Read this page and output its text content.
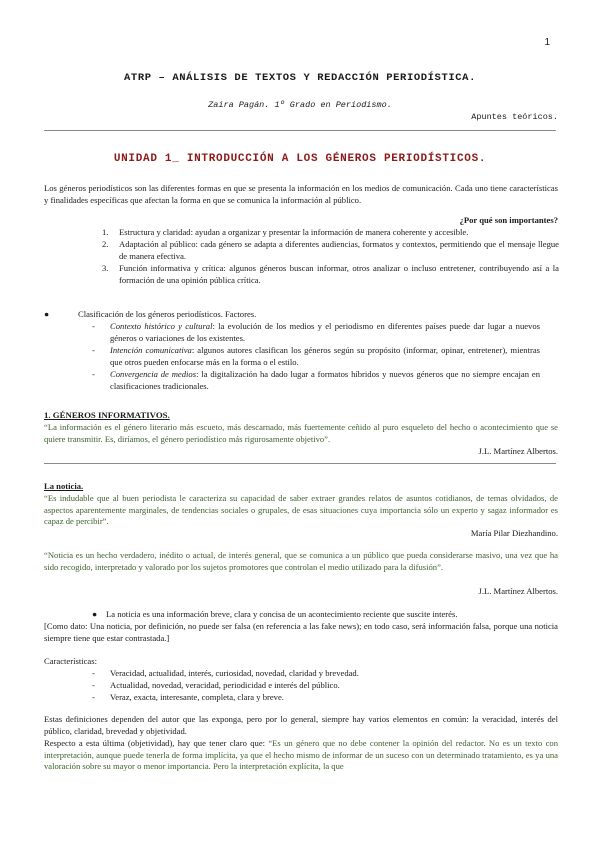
1
ATRP – ANÁLISIS DE TEXTOS Y REDACCIÓN PERIODÍSTICA.
Zaira Pagán. 1º Grado en Periodismo.
Apuntes teóricos.
UNIDAD 1_ INTRODUCCIÓN A LOS GÉNEROS PERIODÍSTICOS.
Los géneros periodísticos son las diferentes formas en que se presenta la información en los medios de comunicación. Cada uno tiene características y finalidades específicas que afectan la forma en que se comunica la información al público.
¿Por qué son importantes?
1. Estructura y claridad: ayudan a organizar y presentar la información de manera coherente y accesible.
2. Adaptación al público: cada género se adapta a diferentes audiencias, formatos y contextos, permitiendo que el mensaje llegue de manera efectiva.
3. Función informativa y crítica: algunos géneros buscan informar, otros analizar o incluso entretener, contribuyendo así a la formación de una opinión pública crítica.
●	Clasificación de los géneros periodísticos. Factores.
- Contexto histórico y cultural: la evolución de los medios y el periodismo en diferentes países puede dar lugar a nuevos géneros o variaciones de los existentes.
- Intención comunicativa: algunos autores clasifican los géneros según su propósito (informar, opinar, entretener), mientras que otros pueden enfocarse más en la forma o el estilo.
- Convergencia de medios: la digitalización ha dado lugar a formatos híbridos y nuevos géneros que no siempre encajan en clasificaciones tradicionales.
1. GÉNEROS INFORMATIVOS.
“La información es el género literario más escueto, más descarnado, más fuertemente ceñido al puro esqueleto del hecho o acontecimiento que se quiere transmitir. Es, diríamos, el género periodístico más rigurosamente objetivo”.
J.L. Martínez Albertos.
La noticia.
“Es indudable que al buen periodista le caracteriza su capacidad de saber extraer grandes relatos de asuntos cotidianos, de temas olvidados, de aspectos aparentemente marginales, de tendencias sociales o grupales, de esas situaciones cuya importancia sólo un experto y sagaz informador es capaz de percibir”.
María Pilar Diezhandino.
“Noticia es un hecho verdadero, inédito o actual, de interés general, que se comunica a un público que pueda considerarse masivo, una vez que ha sido recogido, interpretado y valorado por los sujetos promotores que controlan el medio utilizado para la difusión”.
J.L. Martínez Albertos.
● La noticia es una información breve, clara y concisa de un acontecimiento reciente que suscite interés.
[Como dato: Una noticia, por definición, no puede ser falsa (en referencia a las fake news); en todo caso, será información falsa, porque una noticia siempre tiene que estar contrastada.]
Características:
- Veracidad, actualidad, interés, curiosidad, novedad, claridad y brevedad.
- Actualidad, novedad, veracidad, periodicidad e interés del público.
- Veraz, exacta, interesante, completa, clara y breve.
Estas definiciones dependen del autor que las exponga, pero por lo general, siempre hay varios elementos en común: la veracidad, interés del público, claridad, brevedad y objetividad.
Respecto a esta última (objetividad), hay que tener claro que: “Es un género que no debe contener la opinión del redactor. No es un texto con interpretación, aunque puede tenerla de forma implícita, ya que el hecho mismo de informar de un suceso con un determinado tratamiento, es ya una valoración sobre su mayor o menor importancia. Pero la interpretación explícita, la que
